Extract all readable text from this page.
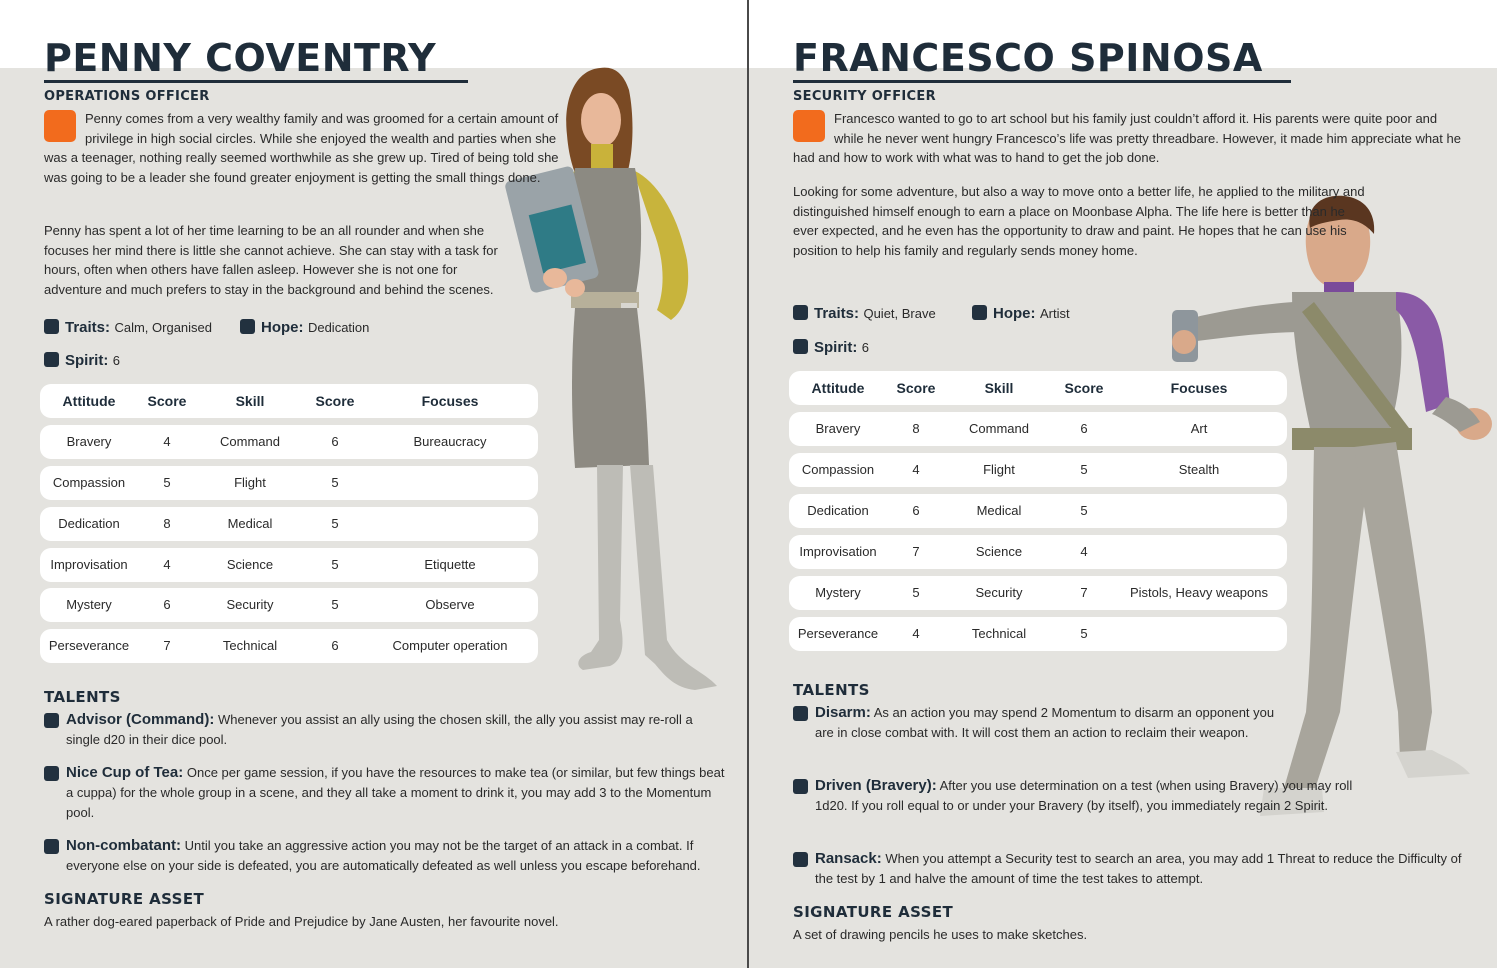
PENNY COVENTRY
OPERATIONS OFFICER
Penny comes from a very wealthy family and was groomed for a certain amount of privilege in high social circles. While she enjoyed the wealth and parties when she was a teenager, nothing really seemed worthwhile as she grew up. Tired of being told she was going to be a leader she found greater enjoyment is getting the small things done.
Penny has spent a lot of her time learning to be an all rounder and when she focuses her mind there is little she cannot achieve. She can stay with a task for hours, often when others have fallen asleep. However she is not one for adventure and much prefers to stay in the background and behind the scenes.
Traits: Calm, Organised	Hope: Dedication
Spirit: 6
Attitude	Score	Skill	Score	Focuses
Bravery	4	Command	6	Bureaucracy
Compassion	5	Flight	5
Dedication	8	Medical	5
Improvisation	4	Science	5	Etiquette
Mystery	6	Security	5	Observe
Perseverance	7	Technical	6	Computer operation
TALENTS
Advisor (Command): Whenever you assist an ally using the chosen skill, the ally you assist may re-roll a single d20 in their dice pool.
Nice Cup of Tea: Once per game session, if you have the resources to make tea (or similar, but few things beat a cuppa) for the whole group in a scene, and they all take a moment to drink it, you may add 3 to the Momentum pool.
Non-combatant: Until you take an aggressive action you may not be the target of an attack in a combat. If everyone else on your side is defeated, you are automatically defeated as well unless you escape beforehand.
SIGNATURE ASSET
A rather dog-eared paperback of Pride and Prejudice by Jane Austen, her favourite novel.
FRANCESCO SPINOSA
SECURITY OFFICER
Francesco wanted to go to art school but his family just couldn’t afford it. His parents were quite poor and while he never went hungry Francesco’s life was pretty threadbare. However, it made him appreciate what he had and how to work with what was to hand to get the job done.
Looking for some adventure, but also a way to move onto a better life, he applied to the military and distinguished himself enough to earn a place on Moonbase Alpha. The life here is better than he ever expected, and he even has the opportunity to draw and paint. He hopes that he can use his position to help his family and regularly sends money home.
Traits: Quiet, Brave	Hope: Artist
Spirit: 6
Attitude	Score	Skill	Score	Focuses
Bravery	8	Command	6	Art
Compassion	4	Flight	5	Stealth
Dedication	6	Medical	5
Improvisation	7	Science	4
Mystery	5	Security	7	Pistols, Heavy weapons
Perseverance	4	Technical	5
TALENTS
Disarm: As an action you may spend 2 Momentum to disarm an opponent you are in close combat with. It will cost them an action to reclaim their weapon.
Driven (Bravery): After you use determination on a test (when using Bravery) you may roll 1d20. If you roll equal to or under your Bravery (by itself), you immediately regain 2 Spirit.
Ransack: When you attempt a Security test to search an area, you may add 1 Threat to reduce the Difficulty of the test by 1 and halve the amount of time the test takes to attempt.
SIGNATURE ASSET
A set of drawing pencils he uses to make sketches.
